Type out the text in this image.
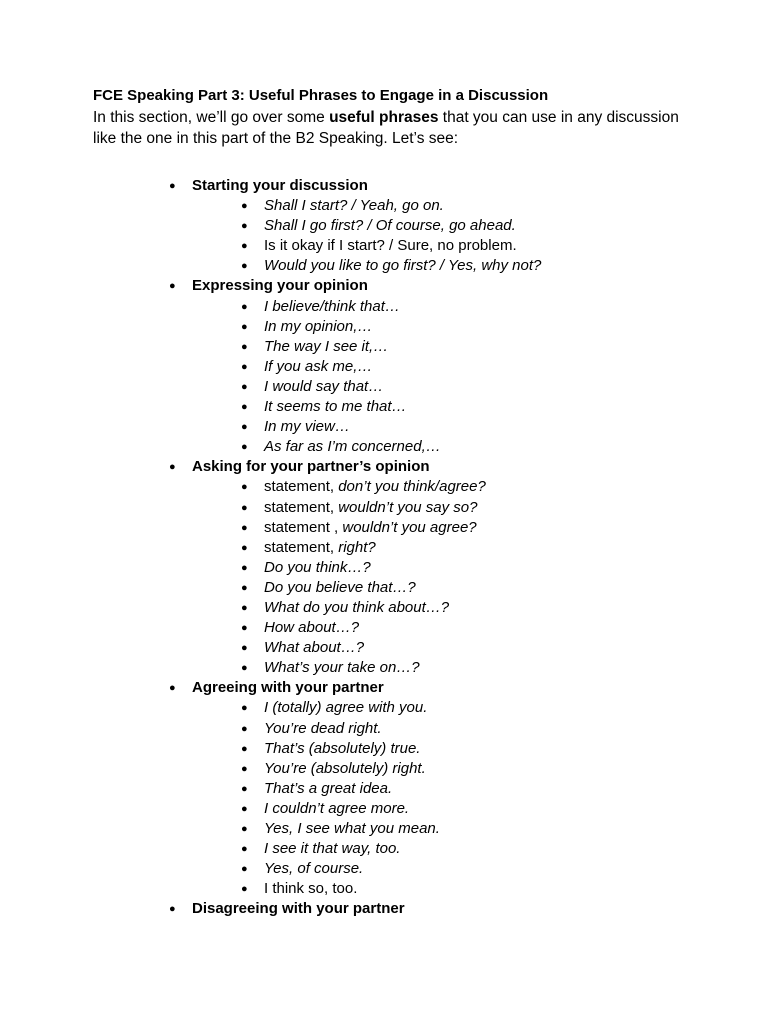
FCE Speaking Part 3: Useful Phrases to Engage in a Discussion
In this section, we’ll go over some useful phrases that you can use in any discussion like the one in this part of the B2 Speaking. Let’s see:
● Starting your discussion
● Shall I start? / Yeah, go on.
● Shall I go first? / Of course, go ahead.
● Is it okay if I start? / Sure, no problem.
● Would you like to go first? / Yes, why not?
● Expressing your opinion
● I believe/think that…
● In my opinion,…
● The way I see it,…
● If you ask me,…
● I would say that…
● It seems to me that…
● In my view…
● As far as I’m concerned,…
● Asking for your partner’s opinion
● statement, don’t you think/agree?
● statement, wouldn’t you say so?
● statement , wouldn’t you agree?
● statement, right?
● Do you think…?
● Do you believe that…?
● What do you think about…?
● How about…?
● What about…?
● What’s your take on…?
● Agreeing with your partner
● I (totally) agree with you.
● You’re dead right.
● That’s (absolutely) true.
● You’re (absolutely) right.
● That’s a great idea.
● I couldn’t agree more.
● Yes, I see what you mean.
● I see it that way, too.
● Yes, of course.
● I think so, too.
● Disagreeing with your partner
